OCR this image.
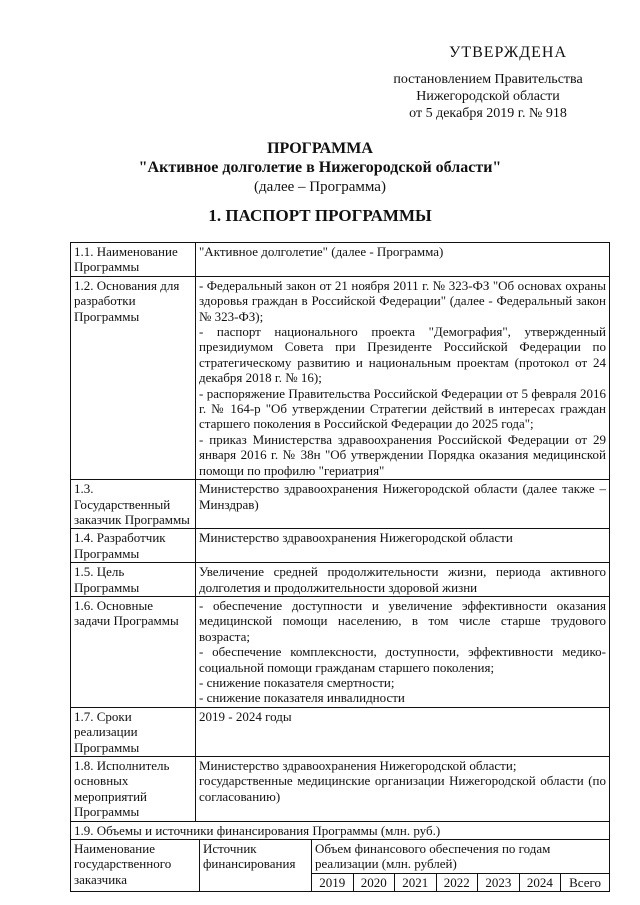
УТВЕРЖДЕНА
постановлением Правительства
Нижегородской области
от 5 декабря 2019 г. № 918
ПРОГРАММА
"Активное долголетие в Нижегородской области"
(далее – Программа)
1. ПАСПОРТ ПРОГРАММЫ
1.1. Наименование Программы	
"Активное долголетие" (далее - Программа)

1.2. Основания для разработки Программы	
- Федеральный закон от 21 ноября 2011 г. № 323-ФЗ "Об основах охраны здоровья граждан в Российской Федерации" (далее - Федеральный закон № 323-ФЗ);
- паспорт национального проекта "Демография", утвержденный президиумом Совета при Президенте Российской Федерации по стратегическому развитию и национальным проектам (протокол от 24 декабря 2018 г. № 16);
- распоряжение Правительства Российской Федерации от 5 февраля 2016 г. № 164-р "Об утверждении Стратегии действий в интересах граждан старшего поколения в Российской Федерации до 2025 года";
- приказ Министерства здравоохранения Российской Федерации от 29 января 2016 г. № 38н "Об утверждении Порядка оказания медицинской помощи по профилю "гериатрия"

1.3. Государственный заказчик Программы	
Министерство здравоохранения Нижегородской области (далее также – Минздрав)

1.4. Разработчик Программы	
Министерство здравоохранения Нижегородской области

1.5. Цель Программы	
Увеличение средней продолжительности жизни, периода активного долголетия и продолжительности здоровой жизни

1.6. Основные задачи Программы	
- обеспечение доступности и увеличение эффективности оказания медицинской помощи населению, в том числе старше трудового возраста;
- обеспечение комплексности, доступности, эффективности медико-социальной помощи гражданам старшего поколения;
- снижение показателя смертности;
- снижение показателя инвалидности

1.7. Сроки реализации Программы	
2019 - 2024 годы

1.8. Исполнитель основных мероприятий Программы	
Министерство здравоохранения Нижегородской области;
государственные медицинские организации Нижегородской области (по согласованию)

1.9. Объемы и источники финансирования Программы (млн. руб.)

Наименование государственного заказчика	Источник финансирования	Объем финансового обеспечения по годам реализации (млн. рублей)
2019	2020	2021	2022	2023	2024	Всего
